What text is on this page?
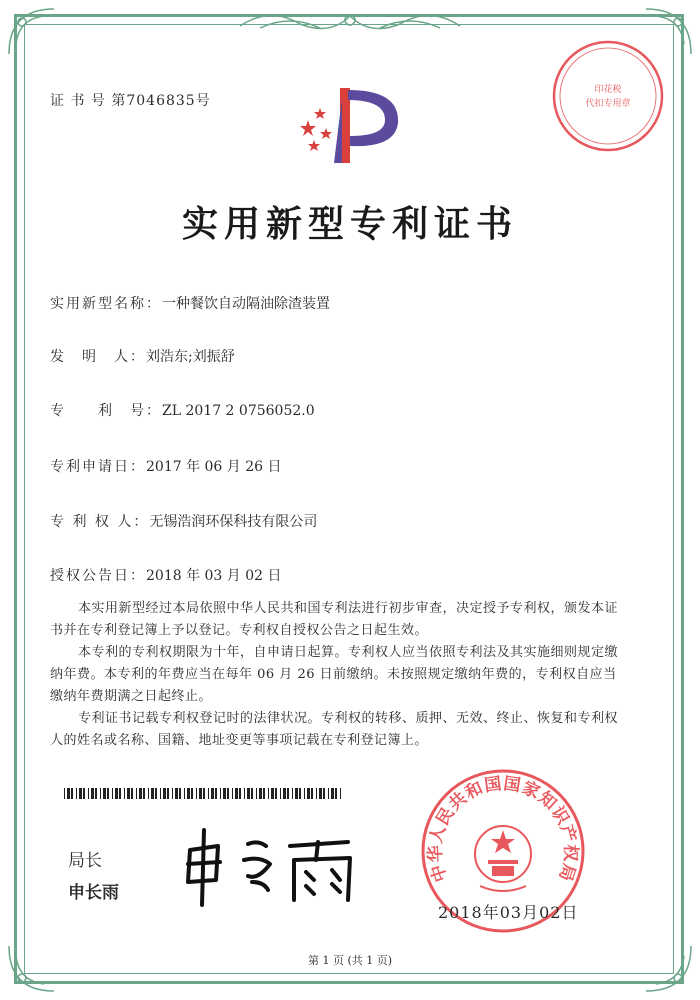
证 书 号 第7046835号
印花税
代扣专用章
实用新型专利证书
实用新型名称：一种餐饮自动隔油除渣装置
发　明　人：刘浩东;刘振舒
专　　利　号：ZL 2017 2 0756052.0
专利申请日：2017 年 06 月 26 日
专 利 权 人：无锡浩润环保科技有限公司
授权公告日：2018 年 03 月 02 日
本实用新型经过本局依照中华人民共和国专利法进行初步审查，决定授予专利权，颁发本证书并在专利登记簿上予以登记。专利权自授权公告之日起生效。
本专利的专利权期限为十年，自申请日起算。专利权人应当依照专利法及其实施细则规定缴纳年费。本专利的年费应当在每年 06 月 26 日前缴纳。未按照规定缴纳年费的，专利权自应当缴纳年费期满之日起终止。
专利证书记载专利权登记时的法律状况。专利权的转移、质押、无效、终止、恢复和专利权人的姓名或名称、国籍、地址变更等事项记载在专利登记簿上。
局长
申长雨
中华人民共和国国家知识产权局
2018年03月02日
第 1 页 (共 1 页)
